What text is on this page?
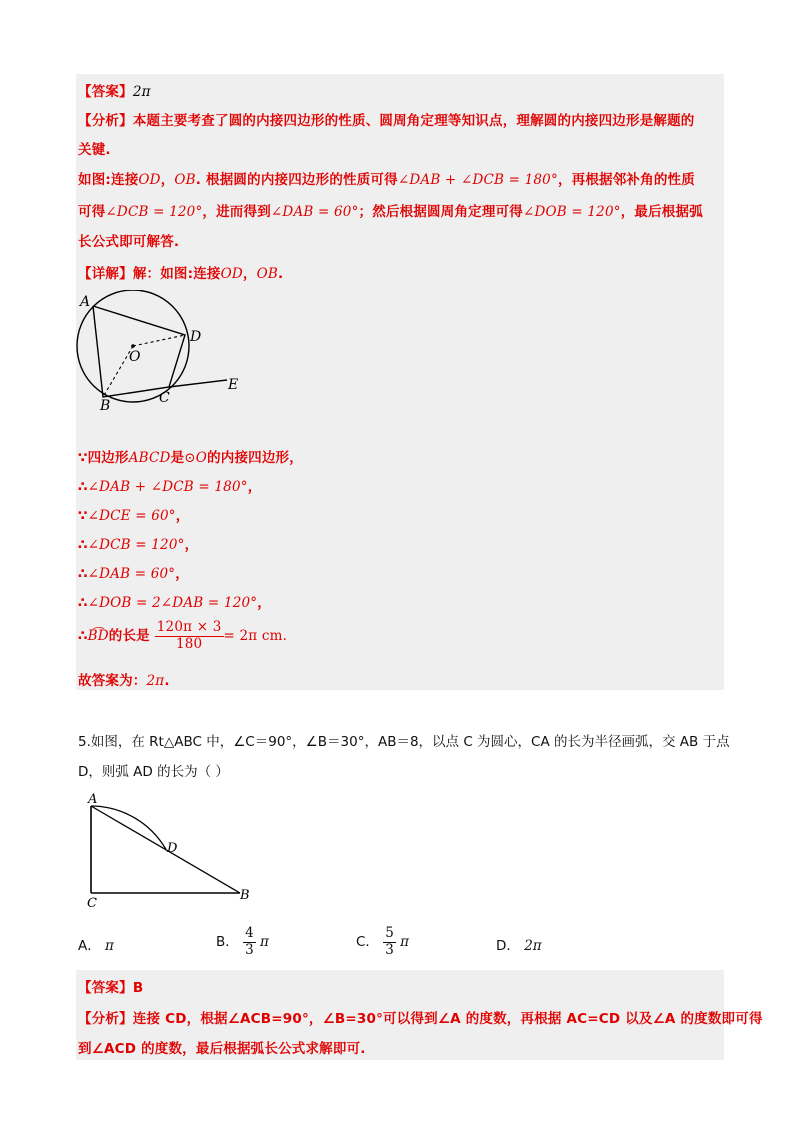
【答案】2π
【分析】本题主要考查了圆的内接四边形的性质、圆周角定理等知识点，理解圆的内接四边形是解题的
关键.
如图:连接OD，OB. 根据圆的内接四边形的性质可得∠DAB + ∠DCB = 180°，再根据邻补角的性质
可得∠DCB = 120°，进而得到∠DAB = 60°；然后根据圆周角定理可得∠DOB = 120°，最后根据弧
长公式即可解答.
【详解】解：如图:连接OD，OB.
A
D
O
E
B	C
∵四边形ABCD是⊙O的内接四边形，
∴∠DAB + ∠DCB = 180°，
∵∠DCE = 60°，
∴∠DCB = 120°，
∴∠DAB = 60°，
∴∠DOB = 2∠DAB = 120°，
∴B͡D的长是 $\frac{120\pi \times 3}{180} = 2\pi$ cm.
故答案为：2π.
5.如图，在 Rt△ABC 中，∠C＝90°，∠B＝30°，AB＝8，以点 C 为圆心，CA 的长为半径画弧，交 AB 于点
D，则弧 AD 的长为（ ）
A
D
C
B
A． π	B． $\frac{4}{3}$ π	C． $\frac{5}{3}$ π	D． 2π
【答案】B
【分析】连接 CD，根据∠ACB=90°，∠B=30°可以得到∠A 的度数，再根据 AC=CD 以及∠A 的度数即可得
到∠ACD 的度数，最后根据弧长公式求解即可.
